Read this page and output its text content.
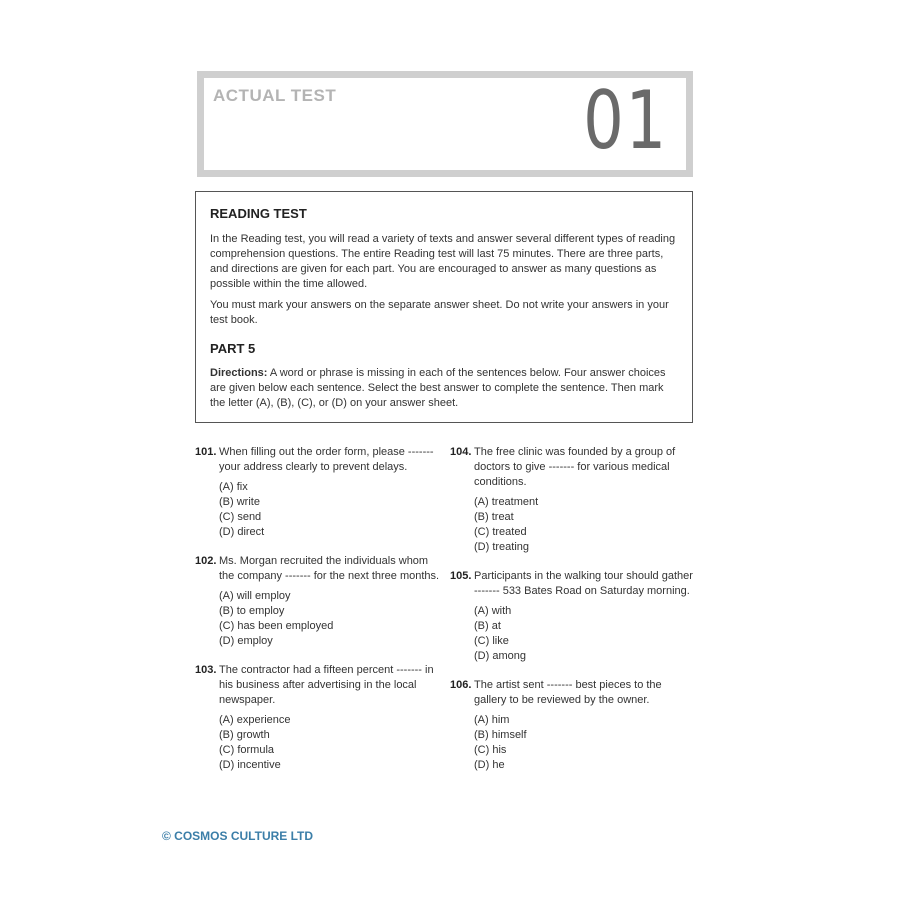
ACTUAL TEST	01
READING TEST

In the Reading test, you will read a variety of texts and answer several different types of reading comprehension questions. The entire Reading test will last 75 minutes. There are three parts, and directions are given for each part. You are encouraged to answer as many questions as possible within the time allowed.

You must mark your answers on the separate answer sheet. Do not write your answers in your test book.

PART 5

Directions: A word or phrase is missing in each of the sentences below. Four answer choices are given below each sentence. Select the best answer to complete the sentence. Then mark the letter (A), (B), (C), or (D) on your answer sheet.

101. When filling out the order form, please ------- your address clearly to prevent delays.
(A) fix
(B) write
(C) send
(D) direct
102. Ms. Morgan recruited the individuals whom the company ------- for the next three months.
(A) will employ
(B) to employ
(C) has been employed
(D) employ
103. The contractor had a fifteen percent ------- in his business after advertising in the local newspaper.
(A) experience
(B) growth
(C) formula
(D) incentive
104. The free clinic was founded by a group of doctors to give ------- for various medical conditions.
(A) treatment
(B) treat
(C) treated
(D) treating
105. Participants in the walking tour should gather ------- 533 Bates Road on Saturday morning.
(A) with
(B) at
(C) like
(D) among
106. The artist sent ------- best pieces to the gallery to be reviewed by the owner.
(A) him
(B) himself
(C) his
(D) he
© COSMOS CULTURE LTD
